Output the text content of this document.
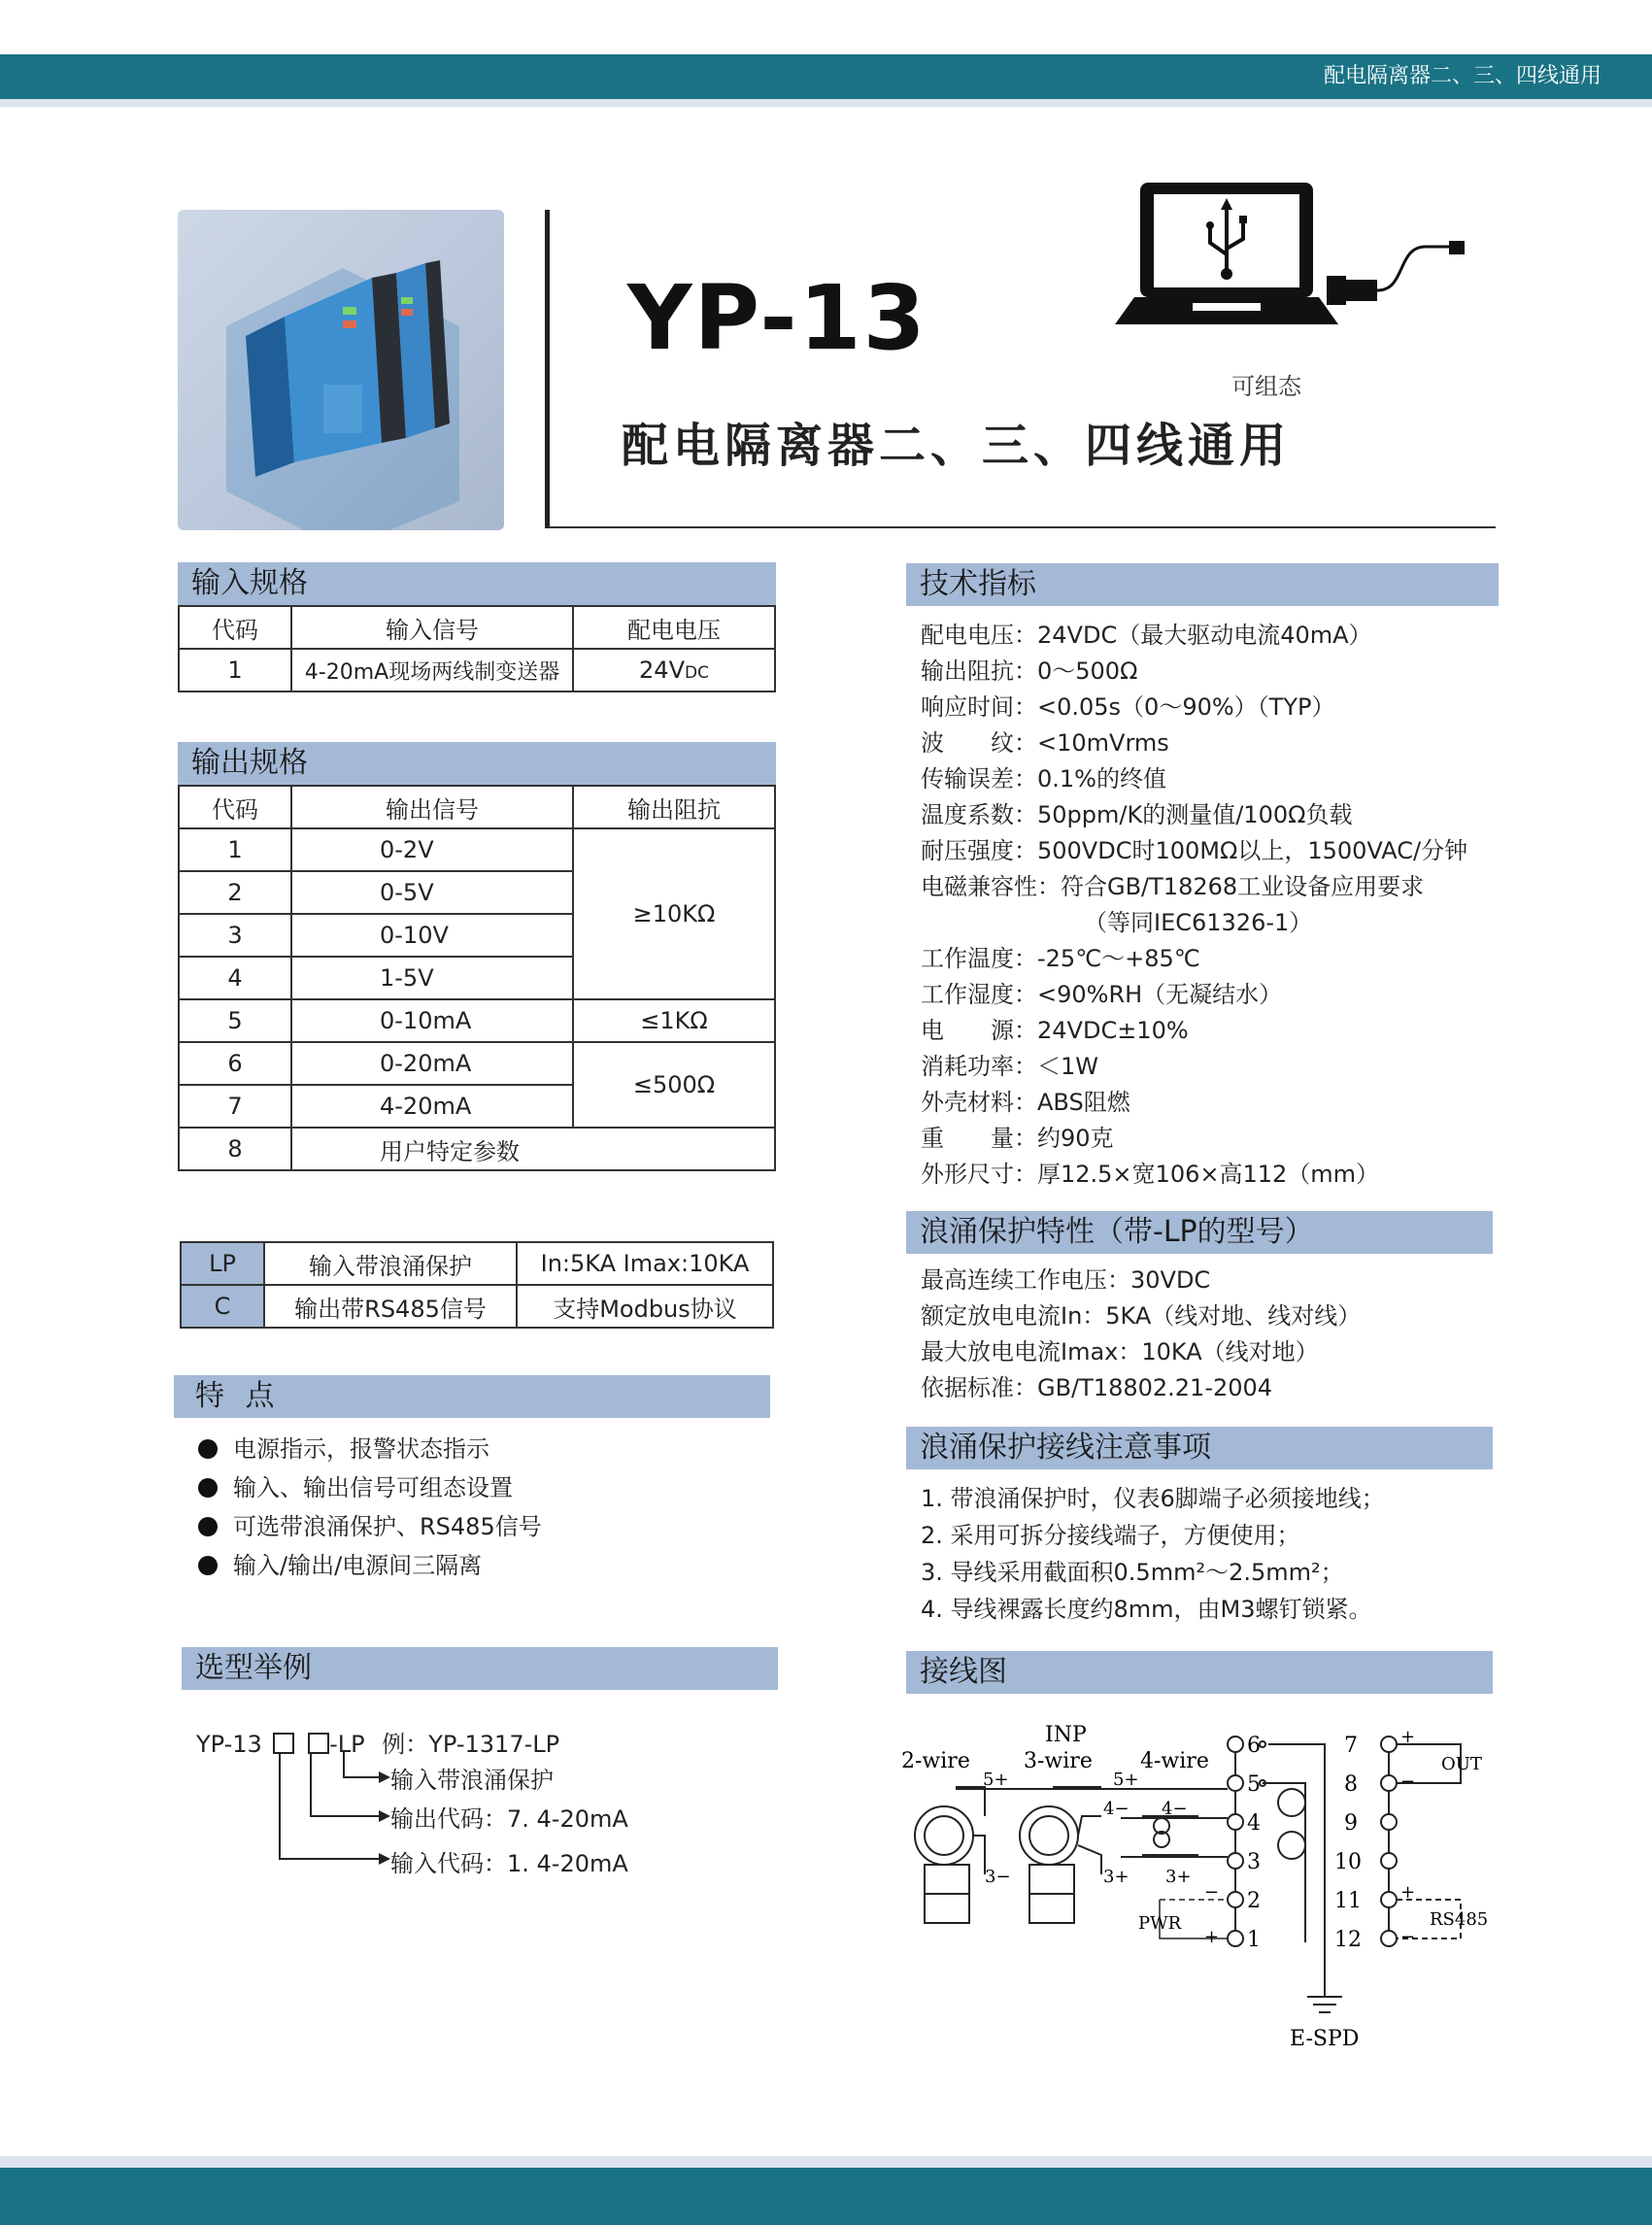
配电隔离器二、三、四线通用
YP-13
配电隔离器二、三、四线通用
可组态
输入规格
代码	输入信号	配电电压
1	4-20mA现场两线制变送器	24VDC
输出规格
代码	输出信号	输出阻抗
1	0-2V	≥10KΩ
2	0-5V	
3	0-10V	
4	1-5V	
5	0-10mA	≤1KΩ
6	0-20mA	≤500Ω
7	4-20mA	
8	用户特定参数	
LP	输入带浪涌保护	In:5KA Imax:10KA
C	输出带RS485信号	支持Modbus协议
特 点
电源指示，报警状态指示
输入、输出信号可组态设置
可选带浪涌保护、RS485信号
输入/输出/电源间三隔离
选型举例
YP-13	-LP 例：YP-1317-LP
输入带浪涌保护
输出代码：7. 4-20mA
输入代码：1. 4-20mA
技术指标
配电电压：24VDC（最大驱动电流40mA）
输出阻抗：0～500Ω
响应时间：<0.05s（0～90%）（TYP）
波　　纹：<10mVrms
传输误差：0.1%的终值
温度系数：50ppm/K的测量值/100Ω负载
耐压强度：500VDC时100MΩ以上，1500VAC/分钟
电磁兼容性：符合GB/T18268工业设备应用要求
（等同IEC61326-1）
工作温度：-25℃～+85℃
工作湿度：<90%RH（无凝结水）
电　　源：24VDC±10%
消耗功率：＜1W
外壳材料：ABS阻燃
重　　量：约90克
外形尺寸：厚12.5×宽106×高112（mm）
浪涌保护特性（带-LP的型号）
最高连续工作电压：30VDC
额定放电电流In：5KA（线对地、线对线）
最大放电电流Imax：10KA（线对地）
依据标准：GB/T18802.21-2004
浪涌保护接线注意事项
1. 带浪涌保护时，仪表6脚端子必须接地线；
2. 采用可拆分接线端子，方便使用；
3. 导线采用截面积0.5mm²～2.5mm²；
4. 导线裸露长度约8mm，由M3螺钉锁紧。
接线图
INP
2-wire	3-wire 4-wire
5+	5+
4− 4−
3−	3+ 3+
6
5
4
3
2
1
PWR
−
+
E-SPD
7
8
9
10
11
12
+
−
+
−
OUT
RS485
